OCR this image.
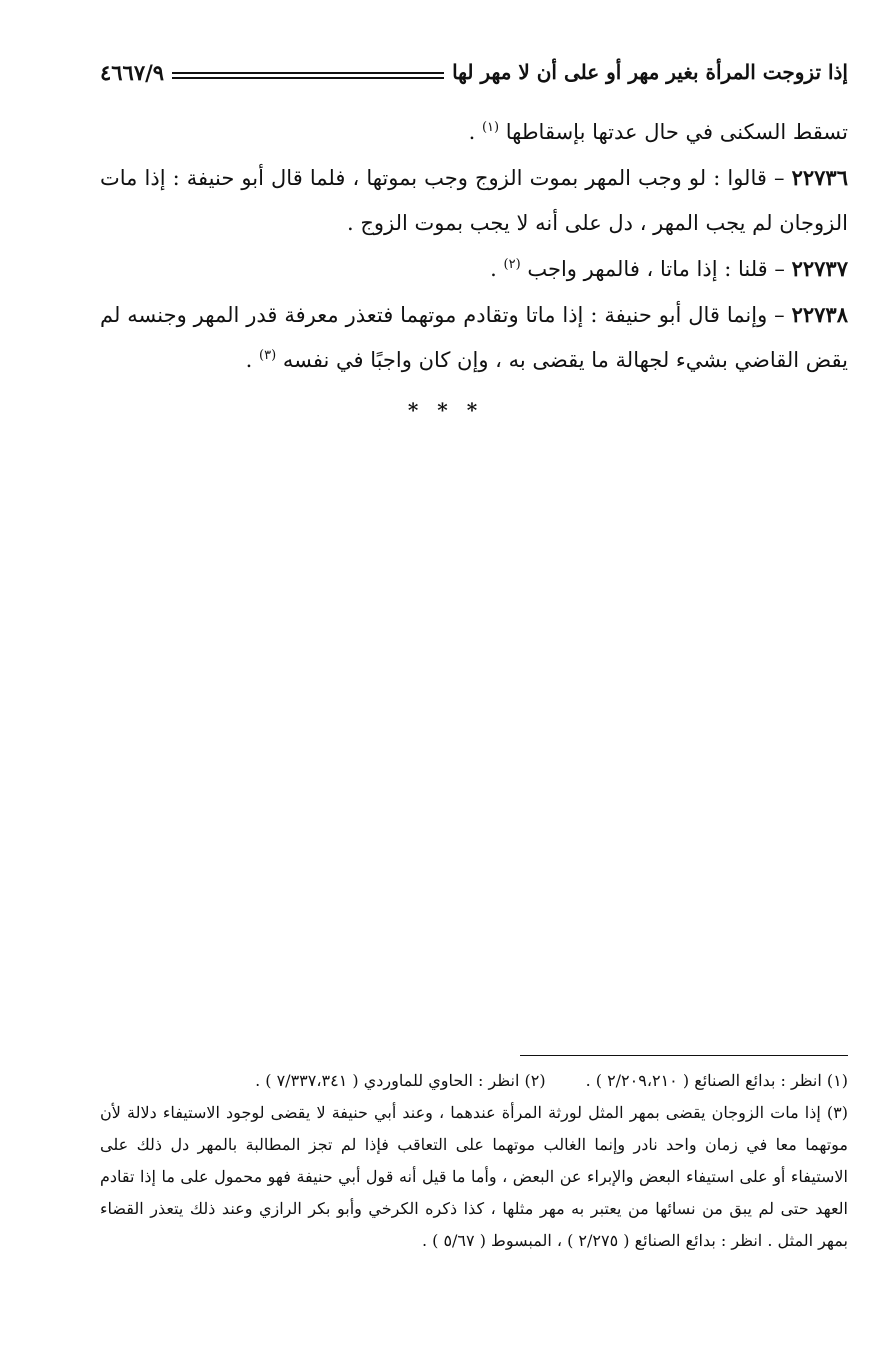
إذا تزوجت المرأة بغير مهر أو على أن لا مهر لها
٤٦٦٧/٩

تسقط السكنى في حال عدتها بإسقاطها $^{(١)}$ .

٢٢٧٣٦ – قالوا : لو وجب المهر بموت الزوج وجب بموتها ، فلما قال أبو حنيفة : إذا مات الزوجان لم يجب المهر ، دل على أنه لا يجب بموت الزوج .

٢٢٧٣٧ – قلنا : إذا ماتا ، فالمهر واجب $^{(٢)}$ .

٢٢٧٣٨ – وإنما قال أبو حنيفة : إذا ماتا وتقادم موتهما فتعذر معرفة قدر المهر وجنسه لم يقض القاضي بشيء لجهالة ما يقضى به ، وإن كان واجبًا في نفسه $^{(٣)}$ .

* * *
(١) انظر : بدائع الصنائع ( ٢/٢٠٩،٢١٠ ) .
(٢) انظر : الحاوي للماوردي ( ٧/٣٣٧،٣٤١ ) .

(٣) إذا مات الزوجان يقضى بمهر المثل لورثة المرأة عندهما ، وعند أبي حنيفة لا يقضى لوجود الاستيفاء دلالة لأن موتهما معا في زمان واحد نادر وإنما الغالب موتهما على التعاقب فإذا لم تجز المطالبة بالمهر دل ذلك على الاستيفاء أو على استيفاء البعض والإبراء عن البعض ، وأما ما قيل أنه قول أبي حنيفة فهو محمول على ما إذا تقادم العهد حتى لم يبق من نسائها من يعتبر به مهر مثلها ، كذا ذكره الكرخي وأبو بكر الرازي وعند ذلك يتعذر القضاء بمهر المثل . انظر : بدائع الصنائع ( ٢/٢٧٥ ) ، المبسوط ( ٥/٦٧ ) .
